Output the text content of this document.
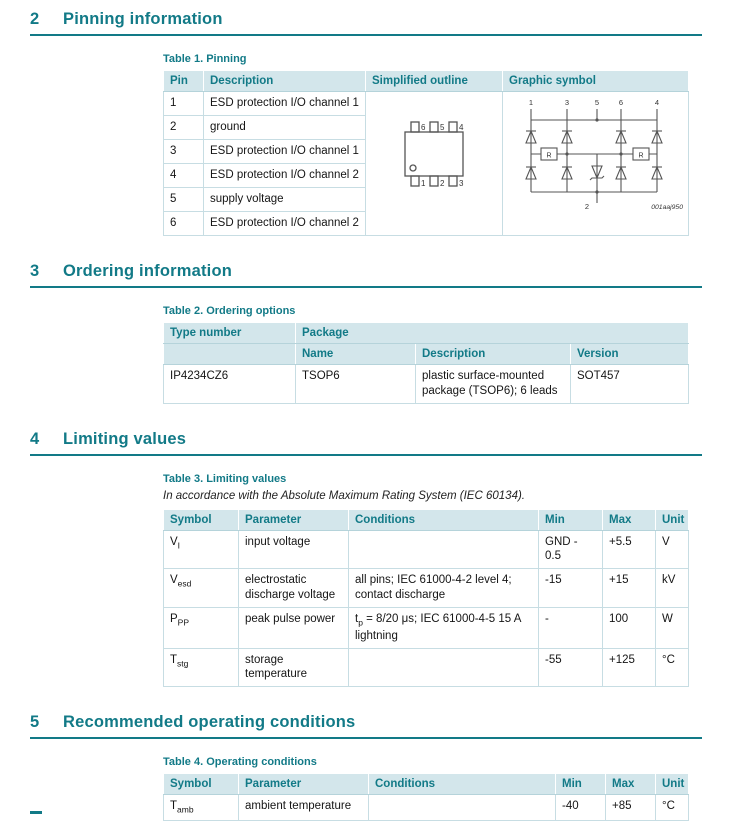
2 Pinning information
Table 1. Pinning
Pin	Description	Simplified outline	Graphic symbol
1	ESD protection I/O channel 1	
6 5 4
1 2 3

1	3	5	6	4
R	R
2	001aaj950

2	ground		
3	ESD protection I/O channel 1		
4	ESD protection I/O channel 2		
5	supply voltage		
6	ESD protection I/O channel 2		
3 Ordering information
Table 2. Ordering options
Type number	Package		
	Name	Description	Version
IP4234CZ6	TSOP6	plastic surface-mounted package (TSOP6); 6 leads	SOT457
4 Limiting values
Table 3. Limiting values
In accordance with the Absolute Maximum Rating System (IEC 60134).
Symbol	Parameter	Conditions	Min	Max	Unit
$V_I$	input voltage		GND - 0.5	+5.5	V
$V_{esd}$	electrostatic discharge voltage	all pins; IEC 61000-4-2 level 4; contact discharge	-15	+15	kV
$P_{PP}$	peak pulse power	$t_p = 8/20$ μs; IEC 61000-4-5 15 A lightning	-	100	W
$T_{stg}$	storage temperature		-55	+125	°C
5 Recommended operating conditions
Table 4. Operating conditions
Symbol	Parameter	Conditions	Min	Max	Unit
$T_{amb}$	ambient temperature		-40	+85	°C
